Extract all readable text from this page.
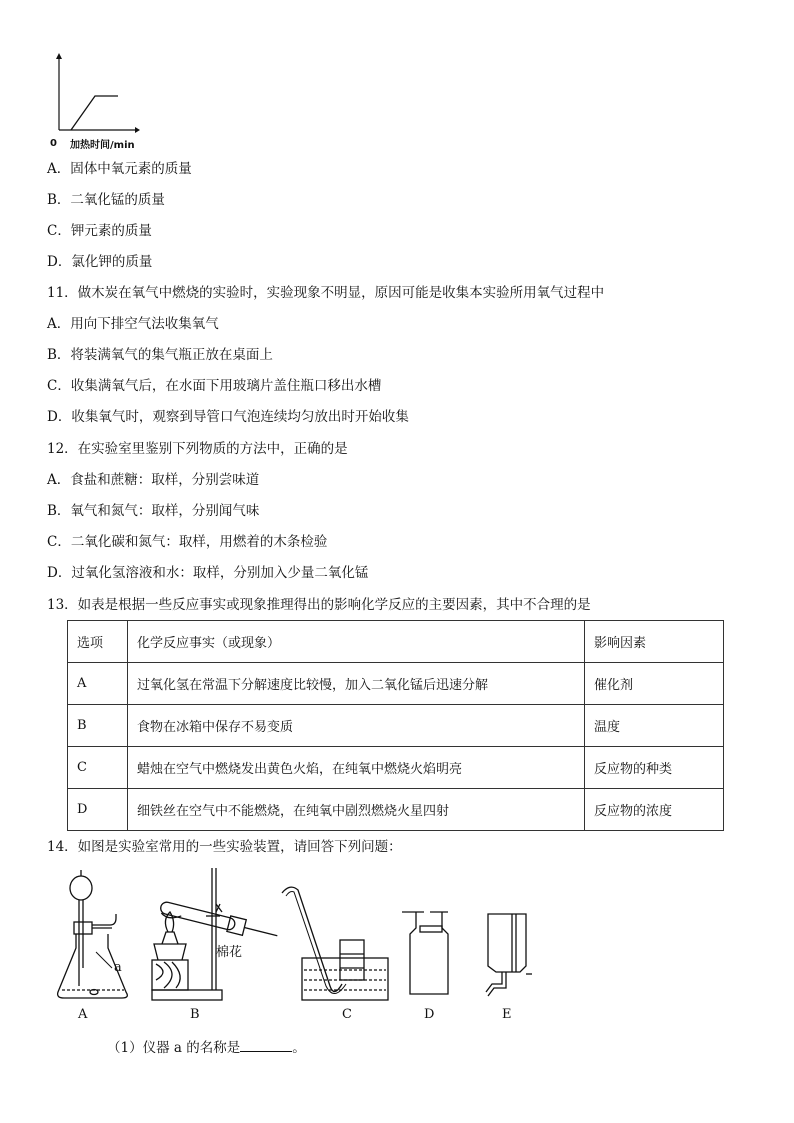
0 加热时间/min
A．固体中氧元素的质量
B．二氧化锰的质量
C．钾元素的质量
D．氯化钾的质量
11．做木炭在氧气中燃烧的实验时，实验现象不明显，原因可能是收集本实验所用氧气过程中
A．用向下排空气法收集氧气
B．将装满氧气的集气瓶正放在桌面上
C．收集满氧气后，在水面下用玻璃片盖住瓶口移出水槽
D．收集氧气时，观察到导管口气泡连续均匀放出时开始收集
12．在实验室里鉴别下列物质的方法中，正确的是
A．食盐和蔗糖：取样，分别尝味道
B．氧气和氮气：取样，分别闻气味
C．二氧化碳和氮气：取样，用燃着的木条检验
D．过氧化氢溶液和水：取样，分别加入少量二氧化锰
13．如表是根据一些反应事实或现象推理得出的影响化学反应的主要因素，其中不合理的是
选项	化学反应事实（或现象）	影响因素
A	过氧化氢在常温下分解速度比较慢，加入二氧化锰后迅速分解	催化剂
B	食物在冰箱中保存不易变质	温度
C	蜡烛在空气中燃烧发出黄色火焰，在纯氧中燃烧火焰明亮	反应物的种类
D	细铁丝在空气中不能燃烧，在纯氧中剧烈燃烧火星四射	反应物的浓度
14．如图是实验室常用的一些实验装置，请回答下列问题：
a
棉花
A	B	C	D	E
（1）仪器 a 的名称是	。
